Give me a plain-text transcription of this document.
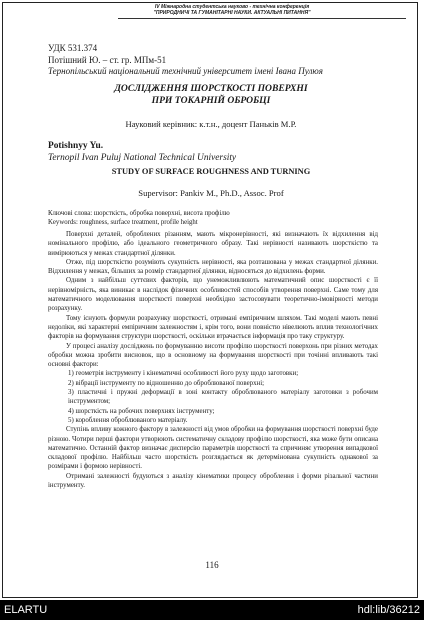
IV Міжнародна студентська науково - технічна конференція
"ПРИРОДНИЧІ ТА ГУМАНІТАРНІ НАУКИ. АКТУАЛЬНІ ПИТАННЯ"
УДК 531.374
Потішний Ю. – ст. гр. МПм-51
Тернопільський національний технічний університет імені Івана Пулюя
ДОСЛІДЖЕННЯ ШОРСТКОСТІ ПОВЕРХНІ
ПРИ ТОКАРНІЙ ОБРОБЦІ
Науковий керівник: к.т.н., доцент Паньків М.Р.
Potishnyy Yu.
Ternopil Ivan Puluj National Technical University
STUDY OF SURFACE ROUGHNESS AND TURNING
Supervisor: Pankiv M., Ph.D., Assoc. Prof
Ключові слова: шорсткість, обробка поверхні, висота профілю
Keywords: roughness, surface treatment, profile height

Поверхні деталей, оброблених різанням, мають мікронерівності, які визначають їх відхилення від номінального профілю, або ідеального геометричного образу. Такі нерівності називають шорсткістю та вимірюються у межах стандартної ділянки.

Отже, під шорсткістю розуміють сукупність нерівності, яка розташована у межах стандартної ділянки. Відхилення у межах, більших за розмір стандартної ділянки, відносяться до відхилень форми.

Одним з найбільш суттєвих факторів, що унеможливлюють математичний опис шорсткості є її нерівномірність, яка виникає в наслідок фізичних особливостей способів утворення поверхні. Саме тому для математичного моделювання шорсткості поверхні необхідно застосовувати теоретично-імовірності методи розрахунку.

Тому існують формули розрахунку шорсткості, отримані емпіричним шляхом. Такі моделі мають певні недоліки, які характерні емпіричним залежностям і, крім того, вони повністю нівелюють вплив технологічних факторів на формування структури шорсткості, оскільки втрачається інформація про таку структуру.

У процесі аналізу досліджень по формуванню висоти профілю шорсткості поверхонь при різних методах обробки можна зробити висновок, що в основному на формування шорсткості при точінні впливають такі основні фактори:

1) геометрія інструменту і кінематичні особливості його руху щодо заготовки;

2) вібрації інструменту по відношенню до оброблюваної поверхні;

3) пластичні і пружні деформації в зоні контакту оброблюваного матеріалу заготовки з робочим інструментом;

4) шорсткість на робочих поверхнях інструменту;

5) короблення оброблюваного матеріалу.

Ступінь впливу кожного фактору в залежності від умов обробки на формування шорсткості поверхні буде різною. Чотири перші фактори утворюють систематичну складову профілю шорсткості, яка може бути описана математично. Останній фактор визначає дисперсію параметрів шорсткості та спричиняє утворення випадкової складової профілю. Найбільш часто шорсткість розглядається як детермінована сукупність однакової за розмірами і формою нерівності.

Отримані залежності будуються з аналізу кінематики процесу оброблення і форми різальної частини інструменту.

116
ELARTU	hdl:lib/36212
